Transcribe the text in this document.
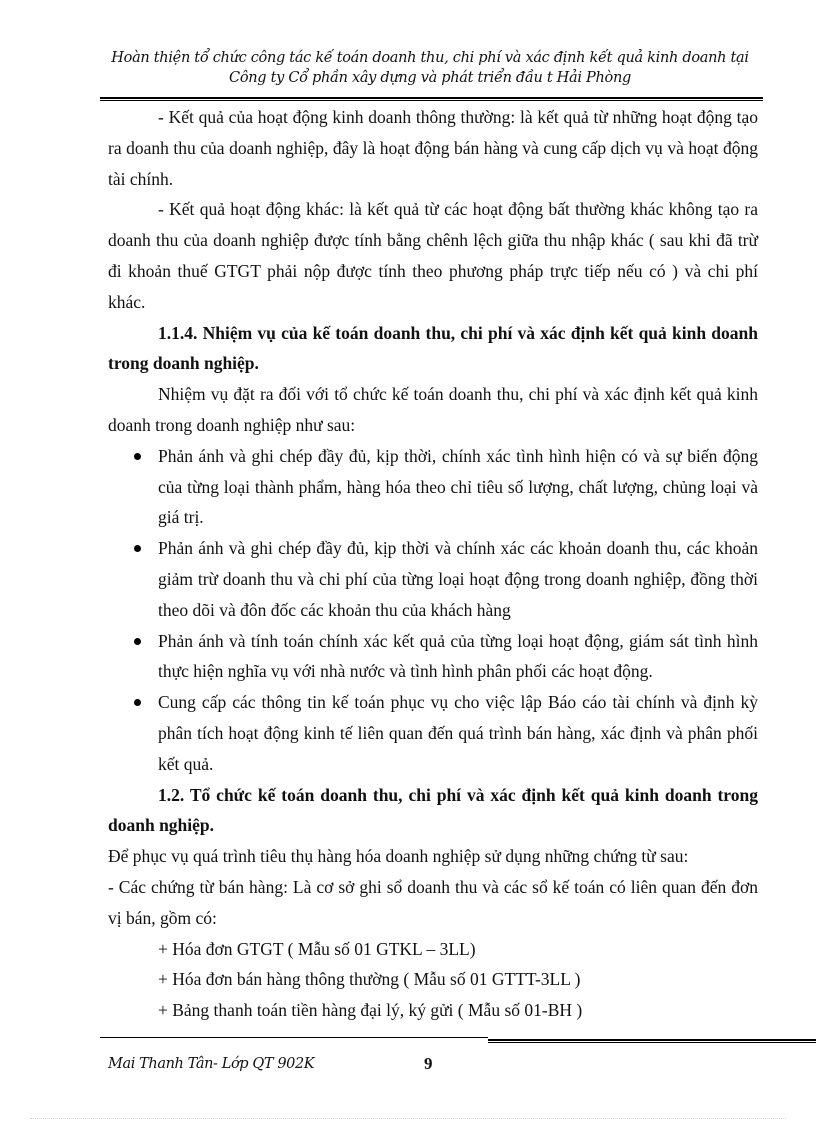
Hoàn thiện tổ chức công tác kế toán doanh thu, chi phí và xác định kết quả kinh doanh tại
Công ty Cổ phần xây dựng và phát triển đầu t Hải Phòng

- Kết quả của hoạt động kinh doanh thông thường: là kết quả từ những hoạt động tạo ra doanh thu của doanh nghiệp, đây là hoạt động bán hàng và cung cấp dịch vụ và hoạt động tài chính.

- Kết quả hoạt động khác: là kết quả từ các hoạt động bất thường khác không tạo ra doanh thu của doanh nghiệp được tính bằng chênh lệch giữa thu nhập khác ( sau khi đã trừ đi khoản thuế GTGT phải nộp được tính theo phương pháp trực tiếp nếu có ) và chi phí khác.

1.1.4. Nhiệm vụ của kế toán doanh thu, chi phí và xác định kết quả kinh doanh trong doanh nghiệp.

Nhiệm vụ đặt ra đối với tổ chức kế toán doanh thu, chi phí và xác định kết quả kinh doanh trong doanh nghiệp như sau:

Phản ánh và ghi chép đầy đủ, kịp thời, chính xác tình hình hiện có và sự biến động của từng loại thành phẩm, hàng hóa theo chỉ tiêu số lượng, chất lượng, chủng loại và giá trị.
Phản ánh và ghi chép đầy đủ, kịp thời và chính xác các khoản doanh thu, các khoản giảm trừ doanh thu và chi phí của từng loại hoạt động trong doanh nghiệp, đồng thời theo dõi và đôn đốc các khoản thu của khách hàng
Phản ánh và tính toán chính xác kết quả của từng loại hoạt động, giám sát tình hình thực hiện nghĩa vụ với nhà nước và tình hình phân phối các hoạt động.
Cung cấp các thông tin kế toán phục vụ cho việc lập Báo cáo tài chính và định kỳ phân tích hoạt động kinh tế liên quan đến quá trình bán hàng, xác định và phân phối kết quả.

1.2. Tổ chức kế toán doanh thu, chi phí và xác định kết quả kinh doanh trong doanh nghiệp.

Để phục vụ quá trình tiêu thụ hàng hóa doanh nghiệp sử dụng những chứng từ sau:

- Các chứng từ bán hàng: Là cơ sở ghi sổ doanh thu và các sổ kế toán có liên quan đến đơn vị bán, gồm có:

+ Hóa đơn GTGT ( Mẫu số 01 GTKL – 3LL)

+ Hóa đơn bán hàng thông thường ( Mẫu số 01 GTTT-3LL )

+ Bảng thanh toán tiền hàng đại lý, ký gửi ( Mẫu số 01-BH )

Mai Thanh Tân- Lớp QT 902K	9
